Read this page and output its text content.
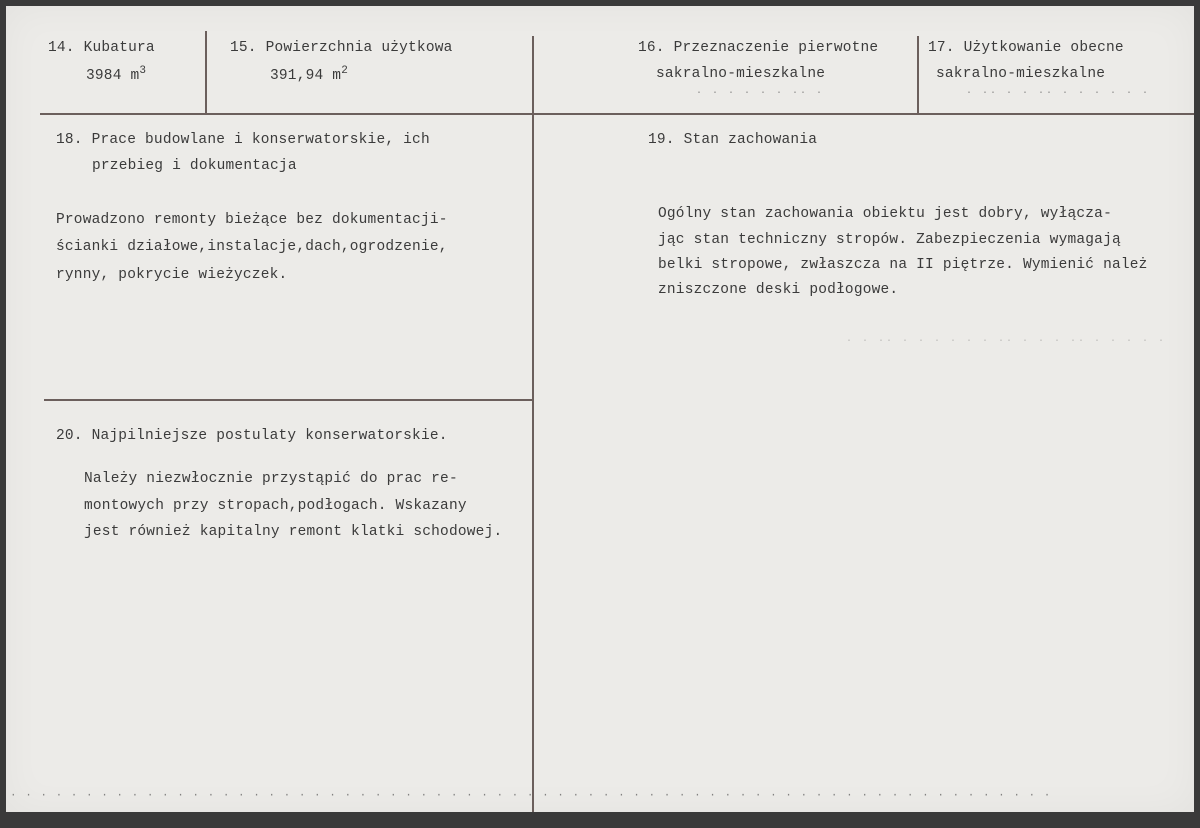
14. Kubatura
3984 $m^3$
15. Powierzchnia użytkowa
391,94 $m^2$
16. Przeznaczenie pierwotne
sakralno-mieszkalne
· · · · · · ·· ·
17. Użytkowanie obecne
sakralno-mieszkalne
· ·· · · ·· · · · · · ·
18. Prace budowlane i konserwatorskie, ich
przebieg i dokumentacja
Prowadzono remonty bieżące bez dokumentacji-
ścianki działowe,instalacje,dach,ogrodzenie,
rynny, pokrycie wieżyczek.
19. Stan zachowania
Ogólny stan zachowania obiektu jest dobry, wyłącza-
jąc stan techniczny stropów. Zabezpieczenia wymagają
belki stropowe, zwłaszcza na II piętrze. Wymienić należ
zniszczone deski podłogowe.
· · ·· · · · · · · ·· · · · ·· · · · · ·
20. Najpilniejsze postulaty konserwatorskie.
Należy niezwłocznie przystąpić do prac re-
montowych przy stropach,podłogach. Wskazany
jest również kapitalny remont klatki schodowej.
· · · · · · · · · · · · · · · · · · · · · · · · · · · · · · · · · · · · · · · · · · · · · · · · · · · · · · · · · · · · · · · · · · · · ·
